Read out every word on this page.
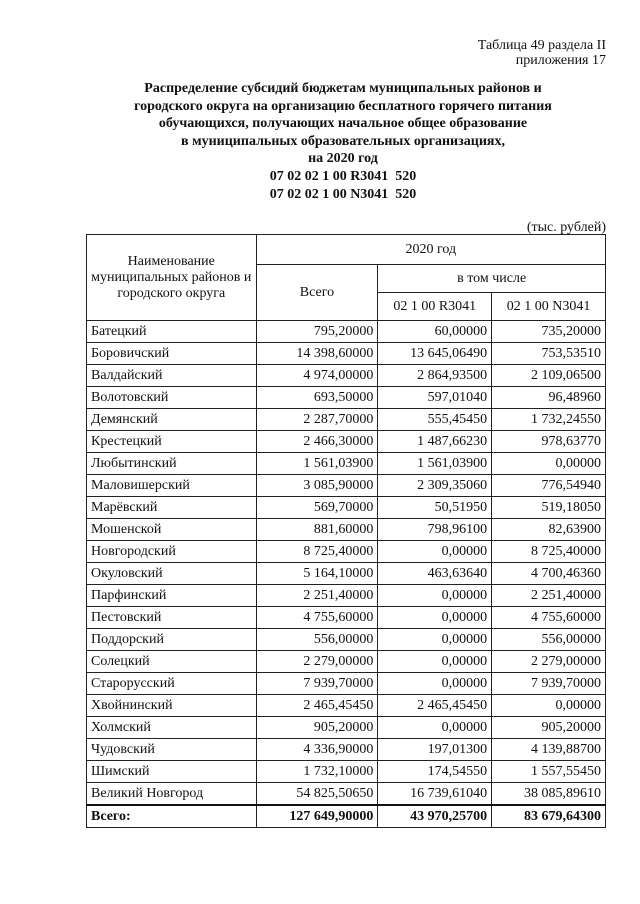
Таблица 49 раздела II
приложения 17
Распределение субсидий бюджетам муниципальных районов и
городского округа на организацию бесплатного горячего питания
обучающихся, получающих начальное общее образование
в муниципальных образовательных организациях,
на 2020 год
07 02 02 1 00 R3041  520
07 02 02 1 00 N3041  520
(тыс. рублей)
Наименование муниципальных районов и городского округа	2020 год		
	Всего	в том числе	
		02 1 00 R3041	02 1 00 N3041
Батецкий	795,20000	60,00000	735,20000
Боровичский	14 398,60000	13 645,06490	753,53510
Валдайский	4 974,00000	2 864,93500	2 109,06500
Волотовский	693,50000	597,01040	96,48960
Демянский	2 287,70000	555,45450	1 732,24550
Крестецкий	2 466,30000	1 487,66230	978,63770
Любытинский	1 561,03900	1 561,03900	0,00000
Маловишерский	3 085,90000	2 309,35060	776,54940
Марёвский	569,70000	50,51950	519,18050
Мошенской	881,60000	798,96100	82,63900
Новгородский	8 725,40000	0,00000	8 725,40000
Окуловский	5 164,10000	463,63640	4 700,46360
Парфинский	2 251,40000	0,00000	2 251,40000
Пестовский	4 755,60000	0,00000	4 755,60000
Поддорский	556,00000	0,00000	556,00000
Солецкий	2 279,00000	0,00000	2 279,00000
Старорусский	7 939,70000	0,00000	7 939,70000
Хвойнинский	2 465,45450	2 465,45450	0,00000
Холмский	905,20000	0,00000	905,20000
Чудовский	4 336,90000	197,01300	4 139,88700
Шимский	1 732,10000	174,54550	1 557,55450
Великий Новгород	54 825,50650	16 739,61040	38 085,89610
Всего:	127 649,90000	43 970,25700	83 679,64300
